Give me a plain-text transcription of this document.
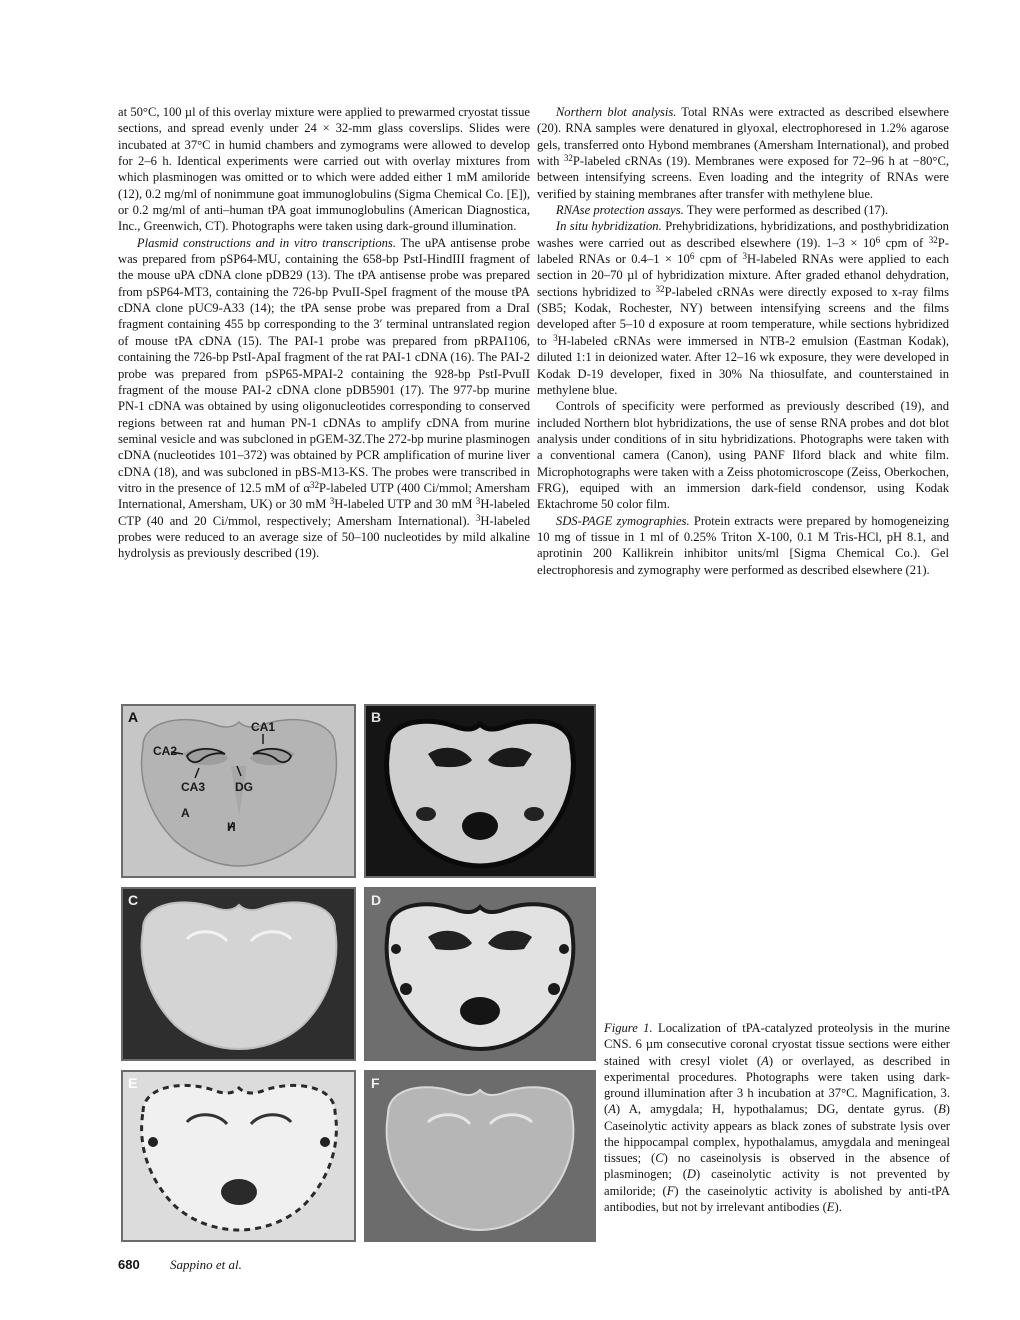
at 50°C, 100 µl of this overlay mixture were applied to prewarmed cryostat tissue sections, and spread evenly under 24 × 32-mm glass coverslips. Slides were incubated at 37°C in humid chambers and zymograms were allowed to develop for 2–6 h. Identical experiments were carried out with overlay mixtures from which plasminogen was omitted or to which were added either 1 mM amiloride (12), 0.2 mg/ml of nonimmune goat immunoglobulins (Sigma Chemical Co. [E]), or 0.2 mg/ml of anti–human tPA goat immunoglobulins (American Diagnostica, Inc., Greenwich, CT). Photographs were taken using dark-ground illumination.

Plasmid constructions and in vitro transcriptions. The uPA antisense probe was prepared from pSP64-MU, containing the 658-bp PstI-HindIII fragment of the mouse uPA cDNA clone pDB29 (13). The tPA antisense probe was prepared from pSP64-MT3, containing the 726-bp PvuII-SpeI fragment of the mouse tPA cDNA clone pUC9-A33 (14); the tPA sense probe was prepared from a DraI fragment containing 455 bp corresponding to the 3′ terminal untranslated region of mouse tPA cDNA (15). The PAI-1 probe was prepared from pRPAI106, containing the 726-bp PstI-ApaI fragment of the rat PAI-1 cDNA (16). The PAI-2 probe was prepared from pSP65-MPAI-2 containing the 928-bp PstI-PvuII fragment of the mouse PAI-2 cDNA clone pDB5901 (17). The 977-bp murine PN-1 cDNA was obtained by using oligonucleotides corresponding to conserved regions between rat and human PN-1 cDNAs to amplify cDNA from murine seminal vesicle and was subcloned in pGEM-3Z.The 272-bp murine plasminogen cDNA (nucleotides 101–372) was obtained by PCR amplification of murine liver cDNA (18), and was subcloned in pBS-M13-KS. The probes were transcribed in vitro in the presence of 12.5 mM of $\alpha^{32}P$-labeled UTP (400 Ci/mmol; Amersham International, Amersham, UK) or 30 mM $^3$H-labeled UTP and 30 mM $^3$H-labeled CTP (40 and 20 Ci/mmol, respectively; Amersham International). $^3$H-labeled probes were reduced to an average size of 50–100 nucleotides by mild alkaline hydrolysis as previously described (19).

Northern blot analysis. Total RNAs were extracted as described elsewhere (20). RNA samples were denatured in glyoxal, electrophoresed in 1.2% agarose gels, transferred onto Hybond membranes (Amersham International), and probed with $^{32}$P-labeled cRNAs (19). Membranes were exposed for 72–96 h at −80°C, between intensifying screens. Even loading and the integrity of RNAs were verified by staining membranes after transfer with methylene blue.

RNAse protection assays. They were performed as described (17).

In situ hybridization. Prehybridizations, hybridizations, and posthybridization washes were carried out as described elsewhere (19). $1-3 \times 10^6$ cpm of $^{32}$P-labeled RNAs or $0.4-1 \times 10^6$ cpm of $^3$H-labeled RNAs were applied to each section in 20–70 µl of hybridization mixture. After graded ethanol dehydration, sections hybridized to $^{32}$P-labeled cRNAs were directly exposed to x-ray films (SB5; Kodak, Rochester, NY) between intensifying screens and the films developed after 5–10 d exposure at room temperature, while sections hybridized to $^3$H-labeled cRNAs were immersed in NTB-2 emulsion (Eastman Kodak), diluted 1:1 in deionized water. After 12–16 wk exposure, they were developed in Kodak D-19 developer, fixed in 30% Na thiosulfate, and counterstained in methylene blue.

Controls of specificity were performed as previously described (19), and included Northern blot hybridizations, the use of sense RNA probes and dot blot analysis under conditions of in situ hybridizations. Photographs were taken with a conventional camera (Canon), using PANF Ilford black and white film. Microphotographs were taken with a Zeiss photomicroscope (Zeiss, Oberkochen, FRG), equiped with an immersion dark-field condensor, using Kodak Ektachrome 50 color film.

SDS-PAGE zymographies. Protein extracts were prepared by homogeneizing 10 mg of tissue in 1 ml of 0.25% Triton X-100, 0.1 M Tris-HCl, pH 8.1, and aprotinin 200 Kallikrein inhibitor units/ml [Sigma Chemical Co.). Gel electrophoresis and zymography were performed as described elsewhere (21).

A
CA1
CA2
CA3 DG
A
H
B
C	D
E	F
Figure 1. Localization of tPA-catalyzed proteolysis in the murine CNS. 6 µm consecutive coronal cryostat tissue sections were either stained with cresyl violet (A) or overlayed, as described in experimental procedures. Photographs were taken using dark-ground illumination after 3 h incubation at 37°C. Magnification, 3. (A) A, amygdala; H, hypothalamus; DG, dentate gyrus. (B) Caseinolytic activity appears as black zones of substrate lysis over the hippocampal complex, hypothalamus, amygdala and meningeal tissues; (C) no caseinolysis is observed in the absence of plasminogen; (D) caseinolytic activity is not prevented by amiloride; (F) the caseinolytic activity is abolished by anti-tPA antibodies, but not by irrelevant antibodies (E).
680 Sappino et al.
